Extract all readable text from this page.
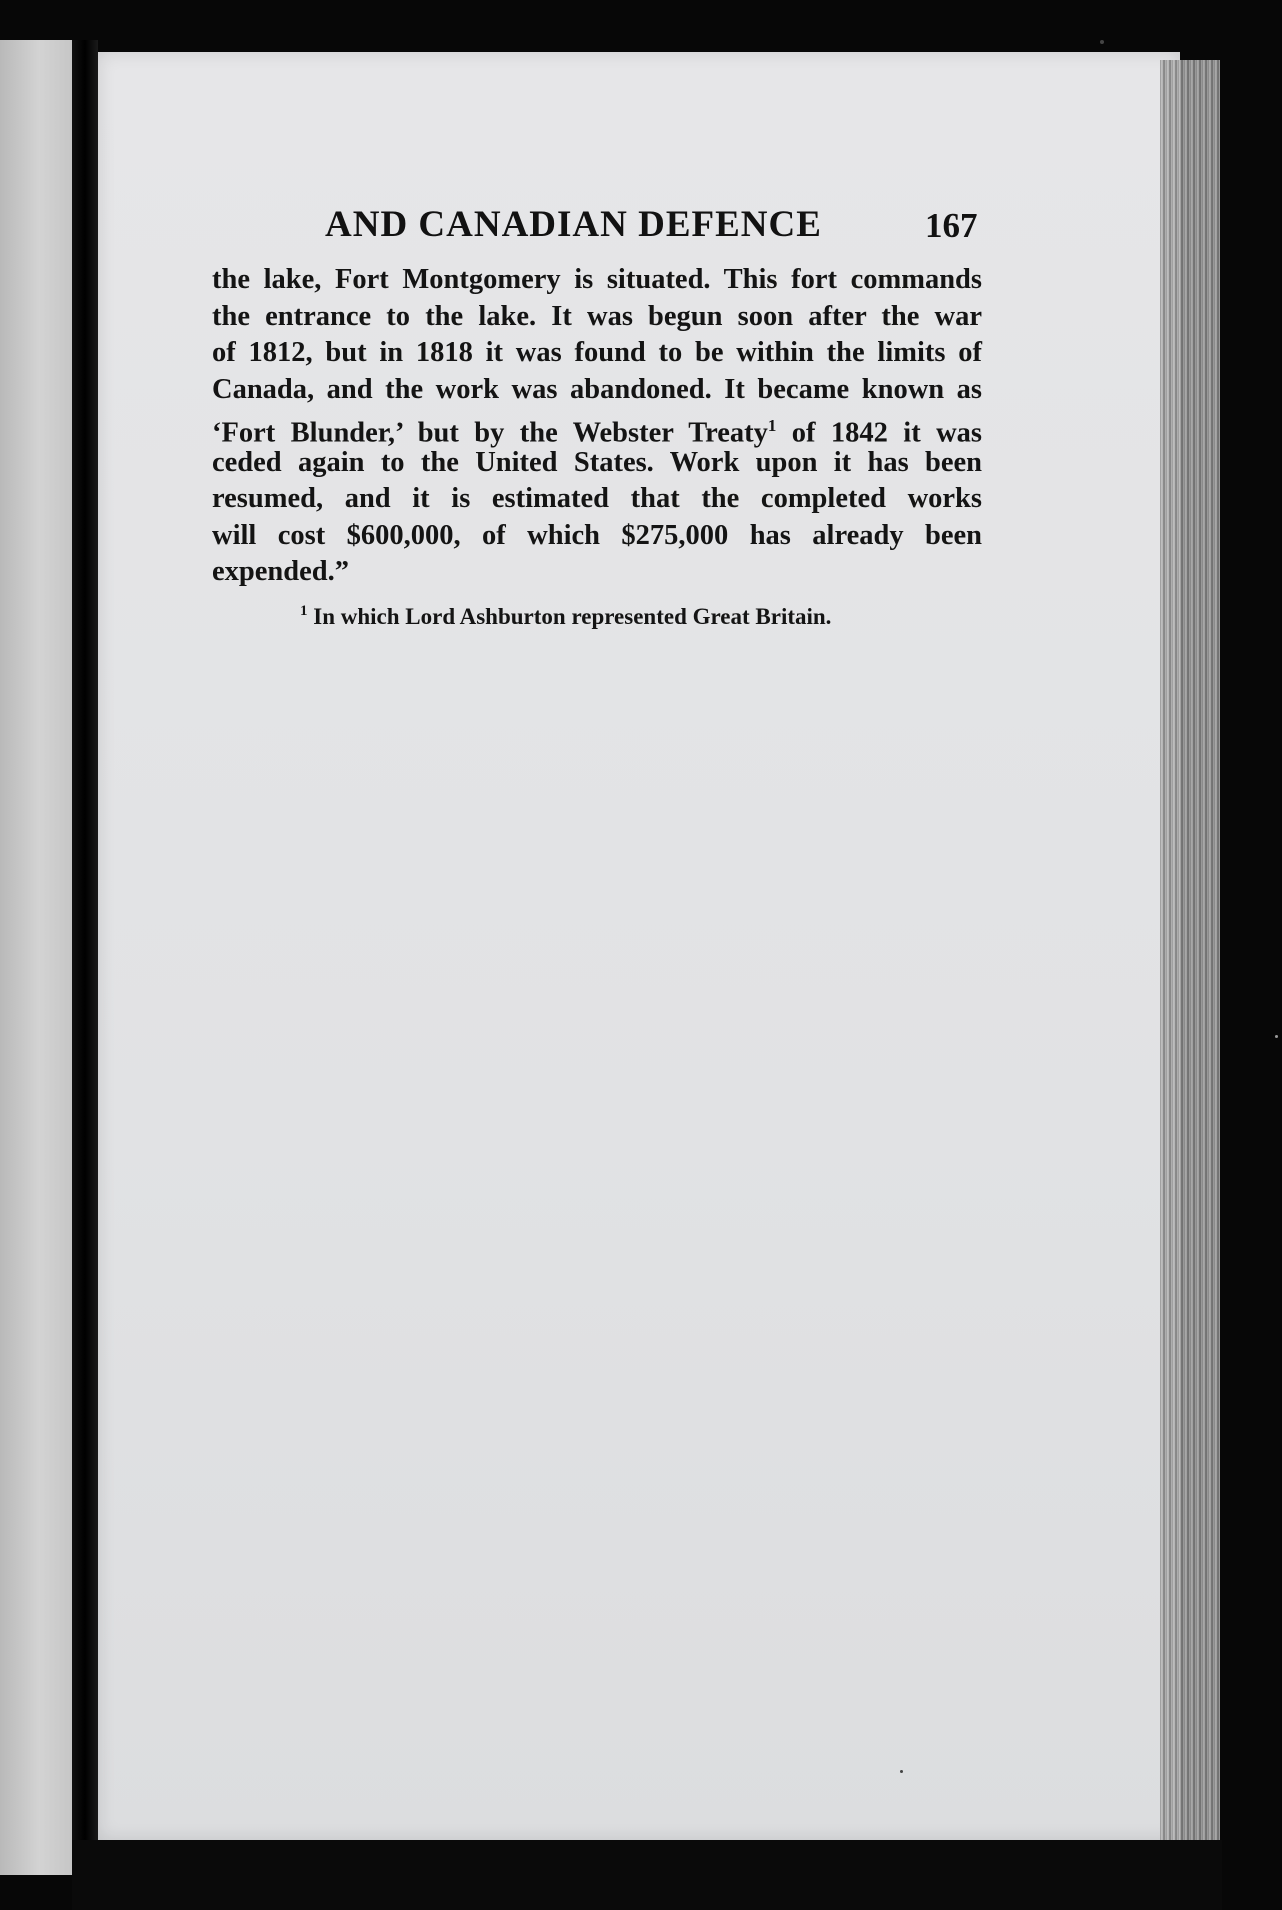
AND CANADIAN DEFENCE	167
the lake, Fort Montgomery is situated. This fort commands
the entrance to the lake. It was begun soon after the war
of 1812, but in 1818 it was found to be within the limits of
Canada, and the work was abandoned. It became known as
‘Fort Blunder,’ but by the Webster Treaty$^1$ of 1842 it was
ceded again to the United States. Work upon it has been
resumed, and it is estimated that the completed works
will cost $600,000, of which $275,000 has already been
expended.”
$^1$ In which Lord Ashburton represented Great Britain.
